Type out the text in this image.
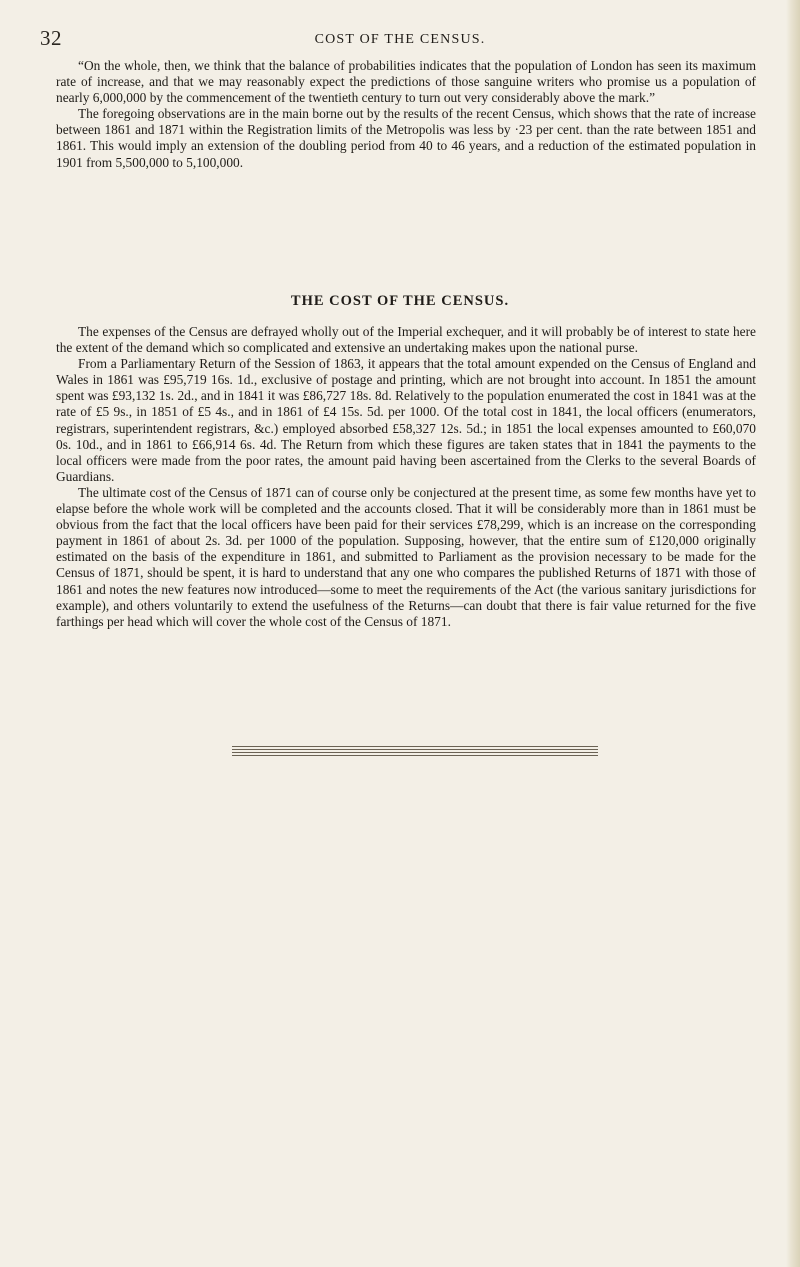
32	COST OF THE CENSUS.

“On the whole, then, we think that the balance of probabilities indicates that the population of London has seen its maximum rate of increase, and that we may reasonably expect the predictions of those sanguine writers who promise us a population of nearly 6,000,000 by the commencement of the twentieth century to turn out very considerably above the mark.”

The foregoing observations are in the main borne out by the results of the recent Census, which shows that the rate of increase between 1861 and 1871 within the Registration limits of the Metropolis was less by ·23 per cent. than the rate between 1851 and 1861. This would imply an extension of the doubling period from 40 to 46 years, and a reduction of the estimated population in 1901 from 5,500,000 to 5,100,000.

THE COST OF THE CENSUS.

The expenses of the Census are defrayed wholly out of the Imperial exchequer, and it will probably be of interest to state here the extent of the demand which so complicated and extensive an undertaking makes upon the national purse.

From a Parliamentary Return of the Session of 1863, it appears that the total amount expended on the Census of England and Wales in 1861 was £95,719 16s. 1d., exclusive of postage and printing, which are not brought into account. In 1851 the amount spent was £93,132 1s. 2d., and in 1841 it was £86,727 18s. 8d. Relatively to the population enumerated the cost in 1841 was at the rate of £5 9s., in 1851 of £5 4s., and in 1861 of £4 15s. 5d. per 1000. Of the total cost in 1841, the local officers (enumerators, registrars, superintendent registrars, &c.) employed absorbed £58,327 12s. 5d.; in 1851 the local expenses amounted to £60,070 0s. 10d., and in 1861 to £66,914 6s. 4d. The Return from which these figures are taken states that in 1841 the payments to the local officers were made from the poor rates, the amount paid having been ascertained from the Clerks to the several Boards of Guardians.

The ultimate cost of the Census of 1871 can of course only be conjectured at the present time, as some few months have yet to elapse before the whole work will be completed and the accounts closed. That it will be considerably more than in 1861 must be obvious from the fact that the local officers have been paid for their services £78,299, which is an increase on the corresponding payment in 1861 of about 2s. 3d. per 1000 of the population. Supposing, however, that the entire sum of £120,000 originally estimated on the basis of the expenditure in 1861, and submitted to Parliament as the provision necessary to be made for the Census of 1871, should be spent, it is hard to understand that any one who compares the published Returns of 1871 with those of 1861 and notes the new features now introduced—some to meet the requirements of the Act (the various sanitary jurisdictions for example), and others voluntarily to extend the usefulness of the Returns—can doubt that there is fair value returned for the five farthings per head which will cover the whole cost of the Census of 1871.
